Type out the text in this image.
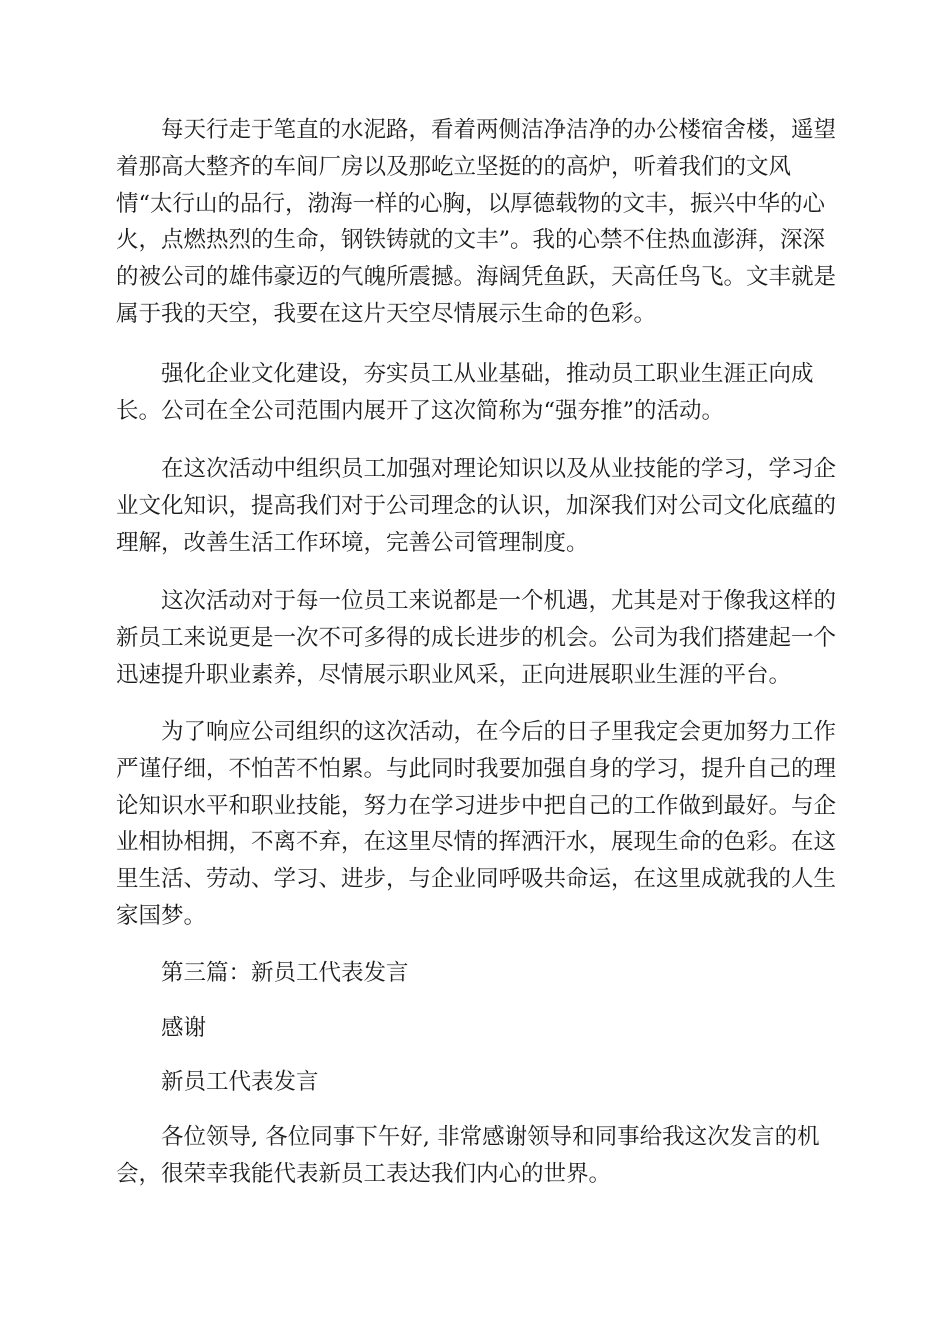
每天行走于笔直的水泥路，看着两侧洁净洁净的办公楼宿舍楼，遥望
着那高大整齐的车间厂房以及那屹立坚挺的的高炉，听着我们的文风
情“太行山的品行，渤海一样的心胸，以厚德载物的文丰，振兴中华的心
火，点燃热烈的生命，钢铁铸就的文丰”。我的心禁不住热血澎湃，深深
的被公司的雄伟豪迈的气魄所震撼。海阔凭鱼跃，天高任鸟飞。文丰就是
属于我的天空，我要在这片天空尽情展示生命的色彩。
强化企业文化建设，夯实员工从业基础，推动员工职业生涯正向成
长。公司在全公司范围内展开了这次简称为“强夯推”的活动。
在这次活动中组织员工加强对理论知识以及从业技能的学习，学习企
业文化知识，提高我们对于公司理念的认识，加深我们对公司文化底蕴的
理解，改善生活工作环境，完善公司管理制度。
这次活动对于每一位员工来说都是一个机遇，尤其是对于像我这样的
新员工来说更是一次不可多得的成长进步的机会。公司为我们搭建起一个
迅速提升职业素养，尽情展示职业风采，正向进展职业生涯的平台。
为了响应公司组织的这次活动，在今后的日子里我定会更加努力工作
严谨仔细，不怕苦不怕累。与此同时我要加强自身的学习，提升自己的理
论知识水平和职业技能，努力在学习进步中把自己的工作做到最好。与企
业相协相拥，不离不弃，在这里尽情的挥洒汗水，展现生命的色彩。在这
里生活、劳动、学习、进步，与企业同呼吸共命运，在这里成就我的人生
家国梦。
第三篇：新员工代表发言
感谢
新员工代表发言
各位领导, 各位同事下午好, 非常感谢领导和同事给我这次发言的机
会，很荣幸我能代表新员工表达我们内心的世界。
